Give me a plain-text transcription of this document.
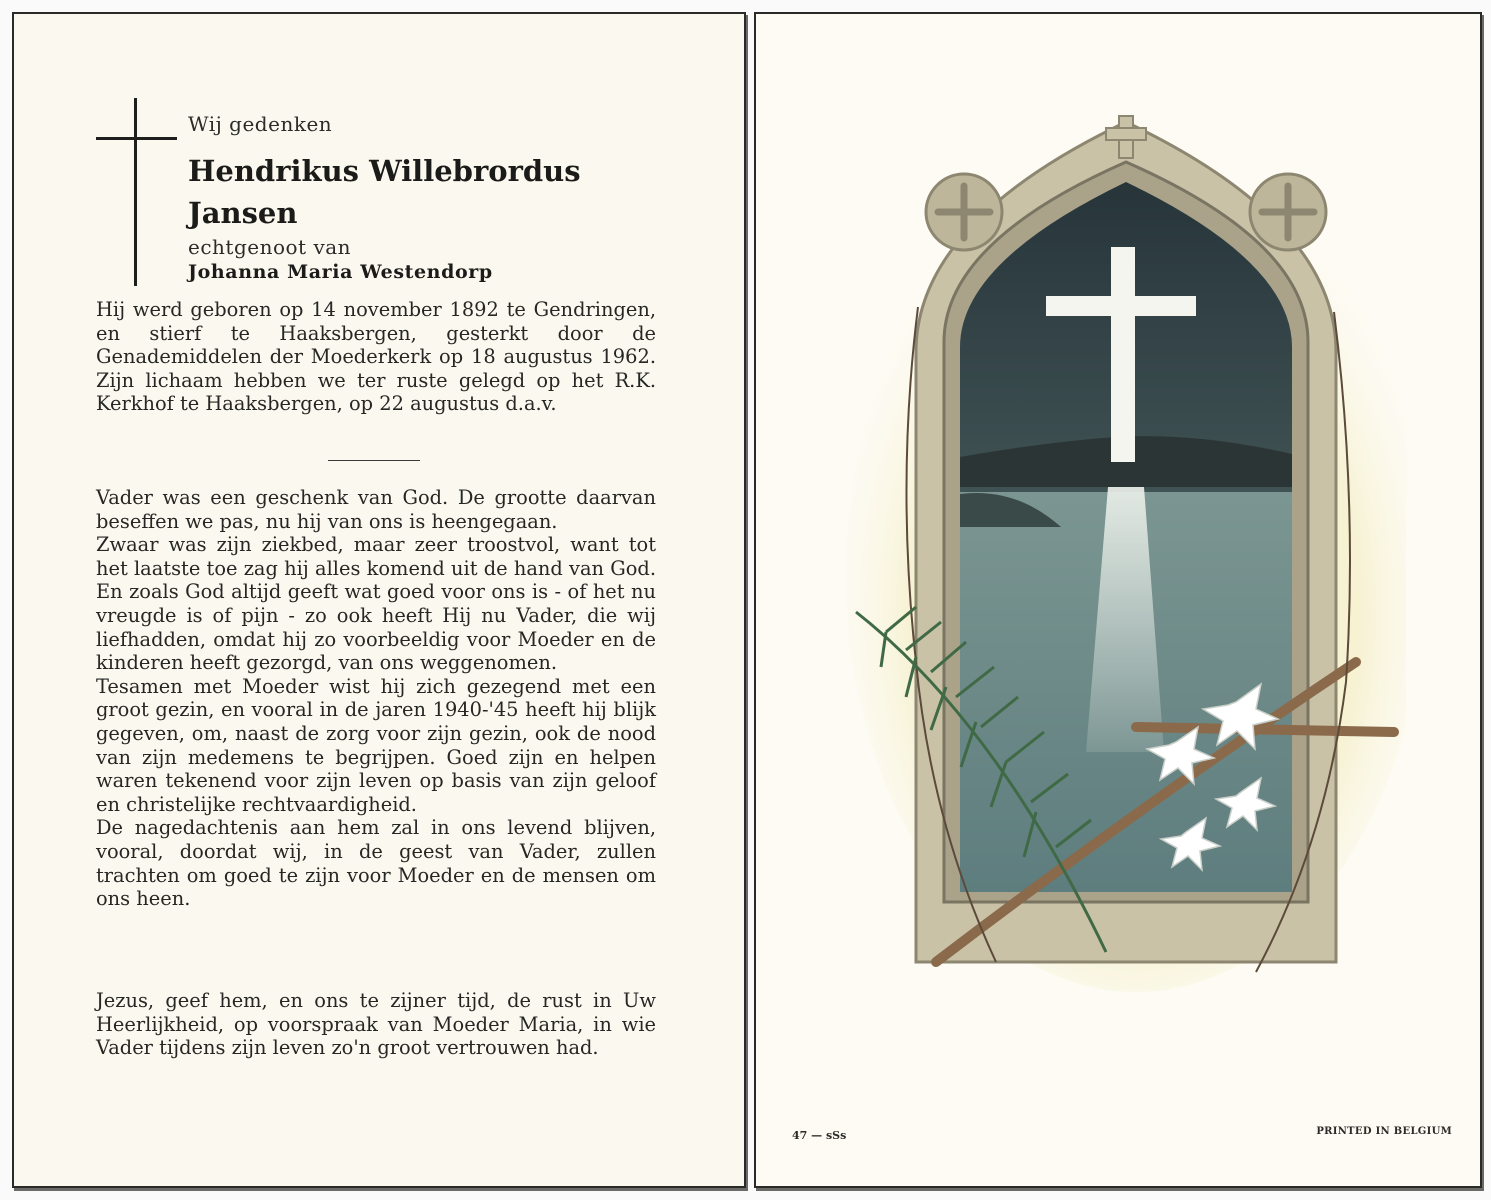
Wij gedenken
Hendrikus Willebrordus
Jansen
echtgenoot van
Johanna Maria Westendorp

Hij werd geboren op 14 november 1892 te Gendringen, en stierf te Haaksbergen, gesterkt door de Genademiddelen der Moederkerk op 18 augustus 1962. Zijn lichaam hebben we ter ruste gelegd op het R.K. Kerkhof te Haaksbergen, op 22 augustus d.a.v.

Vader was een geschenk van God. De grootte daarvan beseffen we pas, nu hij van ons is heengegaan.
Zwaar was zijn ziekbed, maar zeer troostvol, want tot het laatste toe zag hij alles komend uit de hand van God. En zoals God altijd geeft wat goed voor ons is - of het nu vreugde is of pijn - zo ook heeft Hij nu Vader, die wij liefhadden, omdat hij zo voorbeeldig voor Moeder en de kinderen heeft gezorgd, van ons weggenomen.
Tesamen met Moeder wist hij zich gezegend met een groot gezin, en vooral in de jaren 1940-'45 heeft hij blijk gegeven, om, naast de zorg voor zijn gezin, ook de nood van zijn medemens te begrijpen. Goed zijn en helpen waren tekenend voor zijn leven op basis van zijn geloof en christelijke rechtvaardigheid.
De nagedachtenis aan hem zal in ons levend blijven, vooral, doordat wij, in de geest van Vader, zullen trachten om goed te zijn voor Moeder en de mensen om ons heen.

Jezus, geef hem, en ons te zijner tijd, de rust in Uw Heerlijkheid, op voorspraak van Moeder Maria, in wie Vader tijdens zijn leven zo'n groot vertrouwen had.

47 — sSs	PRINTED IN BELGIUM
